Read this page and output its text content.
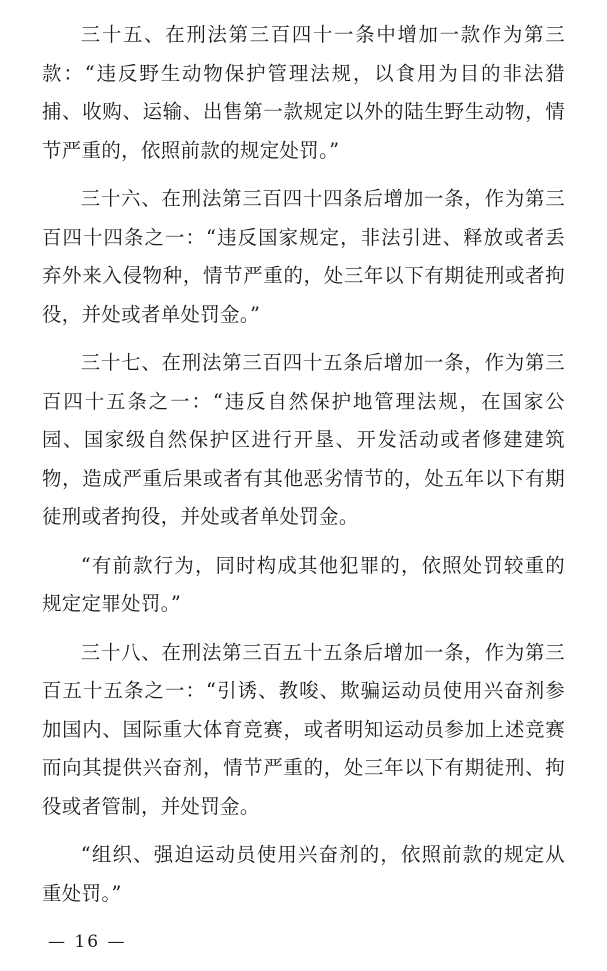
三十五、在刑法第三百四十一条中增加一款作为第三款：“违反野生动物保护管理法规，以食用为目的非法猎捕、收购、运输、出售第一款规定以外的陆生野生动物，情节严重的，依照前款的规定处罚。”

三十六、在刑法第三百四十四条后增加一条，作为第三百四十四条之一：“违反国家规定，非法引进、释放或者丢弃外来入侵物种，情节严重的，处三年以下有期徒刑或者拘役，并处或者单处罚金。”

三十七、在刑法第三百四十五条后增加一条，作为第三百四十五条之一：“违反自然保护地管理法规，在国家公园、国家级自然保护区进行开垦、开发活动或者修建建筑物，造成严重后果或者有其他恶劣情节的，处五年以下有期徒刑或者拘役，并处或者单处罚金。

“有前款行为，同时构成其他犯罪的，依照处罚较重的规定定罪处罚。”

三十八、在刑法第三百五十五条后增加一条，作为第三百五十五条之一：“引诱、教唆、欺骗运动员使用兴奋剂参加国内、国际重大体育竞赛，或者明知运动员参加上述竞赛而向其提供兴奋剂，情节严重的，处三年以下有期徒刑、拘役或者管制，并处罚金。

“组织、强迫运动员使用兴奋剂的，依照前款的规定从重处罚。”

— 16 —
